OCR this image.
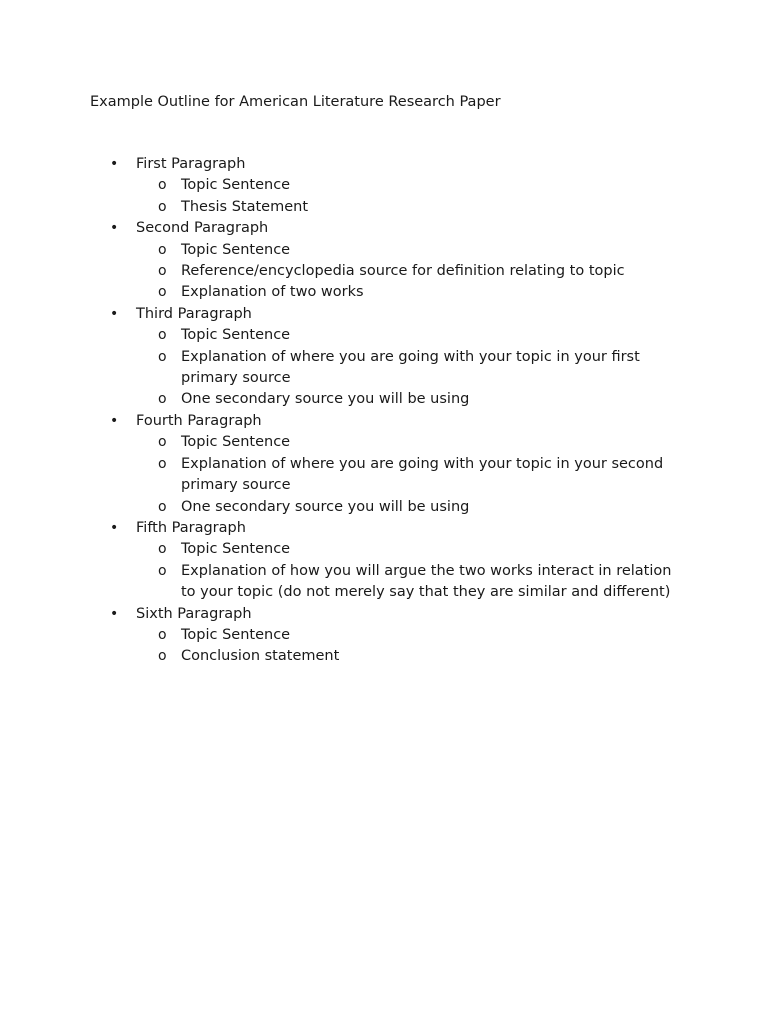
Example Outline for American Literature Research Paper
• First Paragraph
o Topic Sentence
o Thesis Statement
• Second Paragraph
o Topic Sentence
o Reference/encyclopedia source for definition relating to topic
o Explanation of two works
• Third Paragraph
o Topic Sentence
o Explanation of where you are going with your topic in your first primary source
o One secondary source you will be using
• Fourth Paragraph
o Topic Sentence
o Explanation of where you are going with your topic in your second primary source
o One secondary source you will be using
• Fifth Paragraph
o Topic Sentence
o Explanation of how you will argue the two works interact in relation to your topic (do not merely say that they are similar and different)
• Sixth Paragraph
o Topic Sentence
o Conclusion statement
